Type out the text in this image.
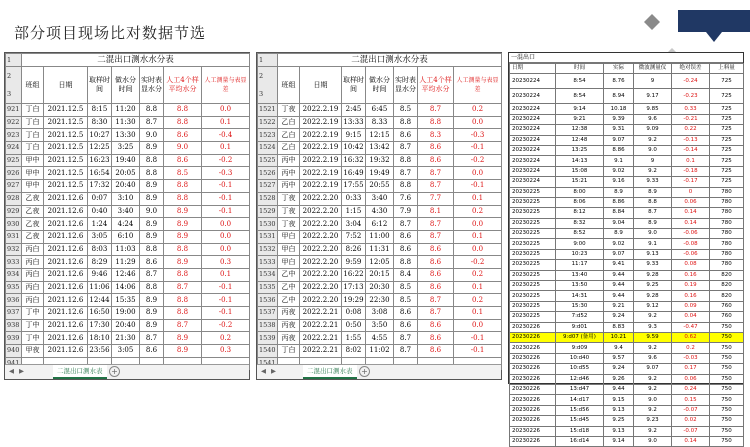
部分项目现场比对数据节选
1	二混出口测水水分表						

2
3	班组	日期	取样时间	做水分时间	实时表显水分	人工4个样平均水分	人工测量与表显差
921	丁白	2021.12.5	8:15	11:20	8.8	8.8	0.0
922	丁白	2021.12.5	8:30	11:30	8.7	8.8	0.1
923	丁白	2021.12.5	10:27	13:30	9.0	8.6	-0.4
924	丁白	2021.12.5	12:25	3:25	8.9	9.0	0.1
925	甲中	2021.12.5	16:23	19:40	8.8	8.6	-0.2
926	甲中	2021.12.5	16:54	20:05	8.8	8.5	-0.3
927	甲中	2021.12.5	17:32	20:40	8.9	8.8	-0.1
928	乙夜	2021.12.6	0:07	3:10	8.9	8.8	-0.1
929	乙夜	2021.12.6	0:40	3:40	9.0	8.9	-0.1
930	乙夜	2021.12.6	1:24	4:24	8.9	8.9	0.0
931	乙夜	2021.12.6	3:05	6:10	8.9	8.9	0.0
932	丙白	2021.12.6	8:03	11:03	8.8	8.8	0.0
933	丙白	2021.12.6	8:29	11:29	8.6	8.9	0.3
934	丙白	2021.12.6	9:46	12:46	8.7	8.8	0.1
935	丙白	2021.12.6	11:06	14:06	8.8	8.7	-0.1
936	丙白	2021.12.6	12:44	15:35	8.9	8.8	-0.1
937	丁中	2021.12.6	16:50	19:00	8.9	8.8	-0.1
938	丁中	2021.12.6	17:30	20:40	8.9	8.7	-0.2
939	丁中	2021.12.6	18:10	21:30	8.7	8.9	0.2
940	甲夜	2021.12.6	23:56	3:05	8.6	8.9	0.3

◀ ▶	二混出口测水表	+
1	二混出口测水水分表						

2
3	班组	日期	取样时间	做水分时间	实时表显水分	人工4个样平均水分	人工测量与表显差
1521	丁夜	2022.2.19	2:45	6:45	8.5	8.7	0.2
1522	乙白	2022.2.19	13:33	8.33	8.8	8.8	0.0
1523	乙白	2022.2.19	9:15	12:15	8.6	8.3	-0.3
1524	乙白	2022.2.19	10:42	13:42	8.7	8.6	-0.1
1525	丙中	2022.2.19	16:32	19:32	8.8	8.6	-0.2
1526	丙中	2022.2.19	16:49	19:49	8.7	8.7	0.0
1527	丙中	2022.2.19	17:55	20:55	8.8	8.7	-0.1
1528	丁夜	2022.2.20	0:33	3:40	7.6	7.7	0.1
1529	丁夜	2022.2.20	1:15	4:30	7.9	8.1	0.2
1530	丁夜	2022.2.20	3:04	6:12	8.7	8.7	0.0
1531	甲白	2022.2.20	7:52	11:00	8.6	8.7	0.1
1532	甲白	2022.2.20	8:26	11:31	8.6	8.6	0.0
1533	甲白	2022.2.20	9:59	12:05	8.8	8.6	-0.2
1534	乙中	2022.2.20	16:22	20:15	8.4	8.6	0.2
1535	乙中	2022.2.20	17:13	20:30	8.5	8.6	0.1
1536	乙中	2022.2.20	19:29	22:30	8.5	8.7	0.2
1537	丙夜	2022.2.21	0:08	3:08	8.6	8.7	0.1
1538	丙夜	2022.2.21	0:50	3:50	8.6	8.6	0.0
1539	丙夜	2022.2.21	1:55	4:55	8.7	8.6	-0.1
1540	丁白	2022.2.21	8:02	11:02	8.7	8.6	-0.1

◀ ▶	二混出口测水表	+
一混出口
日期	时间	实际	微波测量仪	绝对误差	上料量
20230224	8:54	8.76	9	-0.24	725
20230224	8:54	8.94	9.17	-0.23	725
20230224	9:14	10.18	9.85	0.33	725
20230224	9:21	9.39	9.6	-0.21	725
20230224	12:38	9.31	9.09	0.22	725
20230224	12:48	9.07	9.2	-0.13	725
20230224	13:25	8.86	9.0	-0.14	725
20230224	14:13	9.1	9	0.1	725
20230224	15:08	9.02	9.2	-0.18	725
20230224	15:21	9.16	9.33	-0.17	725
20230225	8:00	8.9	8.9	0	780
20230225	8:06	8.86	8.8	0.06	780
20230225	8:12	8.84	8.7	0.14	780
20230225	8:32	9.04	8.9	0.14	780
20230225	8:52	8.9	9.0	-0.06	780
20230225	9:00	9.02	9.1	-0.08	780
20230225	10:23	9.07	9.13	-0.06	780
20230225	11:17	9.41	9.33	0.08	780
20230225	13:40	9.44	9.28	0.16	820
20230225	13:50	9.44	9.25	0.19	820
20230225	14:31	9.44	9.28	0.16	820
20230225	15:30	9.21	9.12	0.09	760
20230225	7:d52	9.24	9.2	0.04	760
20230226	9:d01	8.83	9.3	-0.47	750
20230226	9:d07 (备用)	10.21	9.59	0.62	750
20230226	9:d09	9.4	9.2	0.2	750
20230226	10:d40	9.57	9.6	-0.03	750
20230226	10:d55	9.24	9.07	0.17	750
20230226	12:d46	9.26	9.2	0.06	750
20230226	13:d47	9.44	9.2	0.24	750
20230226	14:d17	9.15	9.0	0.15	750
20230226	15:d56	9.13	9.2	-0.07	750
20230226	15:d45	9.25	9.23	0.02	750
20230226	15:d18	9.13	9.2	-0.07	750
20230226	16:d14	9.14	9.0	0.14	750
